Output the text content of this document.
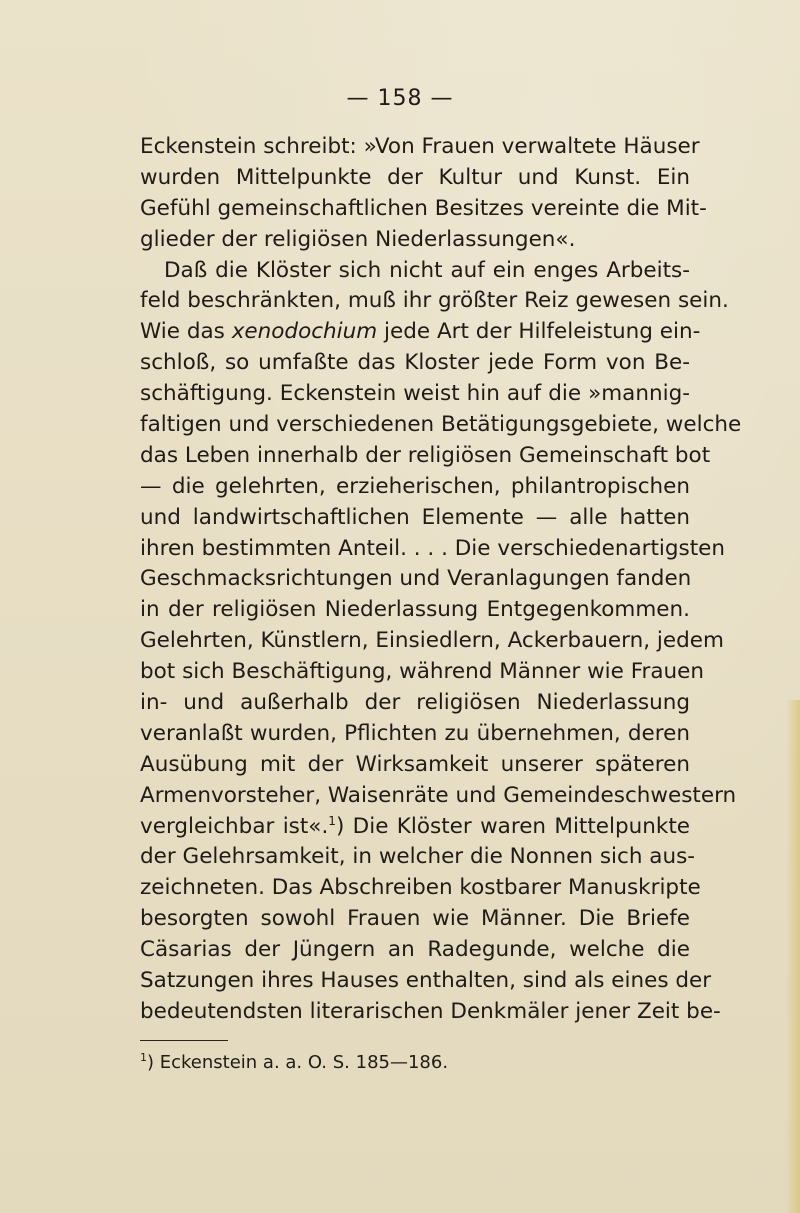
— 158 —
Eckenstein schreibt: »Von Frauen verwaltete Häuser
wurden Mittelpunkte der Kultur und Kunst. Ein
Gefühl gemeinschaftlichen Besitzes vereinte die Mit-
glieder der religiösen Niederlassungen«.
Daß die Klöster sich nicht auf ein enges Arbeits-
feld beschränkten, muß ihr größter Reiz gewesen sein.
Wie das xenodochium jede Art der Hilfeleistung ein-
schloß, so umfaßte das Kloster jede Form von Be-
schäftigung. Eckenstein weist hin auf die »mannig-
faltigen und verschiedenen Betätigungsgebiete, welche
das Leben innerhalb der religiösen Gemeinschaft bot
— die gelehrten, erzieherischen, philantropischen
und landwirtschaftlichen Elemente — alle hatten
ihren bestimmten Anteil. . . . Die verschiedenartigsten
Geschmacksrichtungen und Veranlagungen fanden
in der religiösen Niederlassung Entgegenkommen.
Gelehrten, Künstlern, Einsiedlern, Ackerbauern, jedem
bot sich Beschäftigung, während Männer wie Frauen
in- und außerhalb der religiösen Niederlassung
veranlaßt wurden, Pflichten zu übernehmen, deren
Ausübung mit der Wirksamkeit unserer späteren
Armenvorsteher, Waisenräte und Gemeindeschwestern
vergleichbar ist«.$^1$) Die Klöster waren Mittelpunkte
der Gelehrsamkeit, in welcher die Nonnen sich aus-
zeichneten. Das Abschreiben kostbarer Manuskripte
besorgten sowohl Frauen wie Männer. Die Briefe
Cäsarias der Jüngern an Radegunde, welche die
Satzungen ihres Hauses enthalten, sind als eines der
bedeutendsten literarischen Denkmäler jener Zeit be-
$^1$) Eckenstein a. a. O. S. 185—186.
